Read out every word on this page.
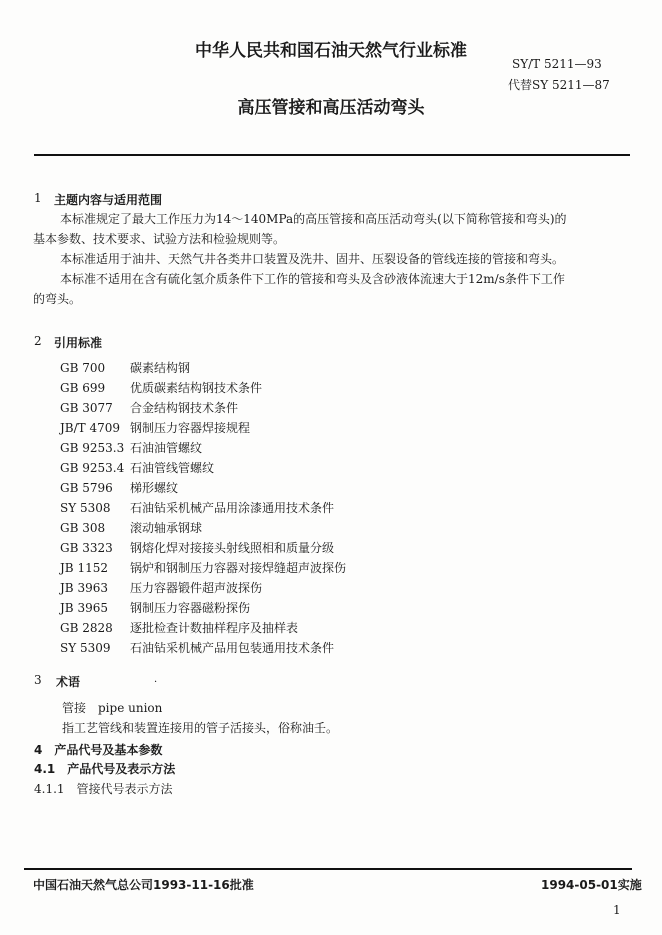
中华人民共和国石油天然气行业标准
SY/T 5211—93
代替SY 5211—87
高压管接和高压活动弯头
1 主题内容与适用范围
本标准规定了最大工作压力为14～140MPa的高压管接和高压活动弯头(以下简称管接和弯头)的
基本参数、技术要求、试验方法和检验规则等。
本标准适用于油井、天然气井各类井口装置及洗井、固井、压裂设备的管线连接的管接和弯头。
本标准不适用在含有硫化氢介质条件下工作的管接和弯头及含砂液体流速大于12m/s条件下工作
的弯头。
2 引用标准
GB 700 碳素结构钢
GB 699 优质碳素结构钢技术条件
GB 3077 合金结构钢技术条件
JB/T 4709 钢制压力容器焊接规程
GB 9253.3 石油油管螺纹
GB 9253.4 石油管线管螺纹
GB 5796 梯形螺纹
SY 5308 石油钻采机械产品用涂漆通用技术条件
GB 308 滚动轴承钢球
GB 3323 钢熔化焊对接接头射线照相和质量分级
JB 1152 锅炉和钢制压力容器对接焊缝超声波探伤
JB 3963 压力容器锻件超声波探伤
JB 3965 钢制压力容器磁粉探伤
GB 2828 逐批检查计数抽样程序及抽样表
SY 5309 石油钻采机械产品用包装通用技术条件
3 术语	·
管接　pipe union
指工艺管线和装置连接用的管子活接头，俗称油壬。
4　产品代号及基本参数
4.1　产品代号及表示方法
4.1.1　管接代号表示方法
中国石油天然气总公司1993-11-16批准	1994-05-01实施
1
